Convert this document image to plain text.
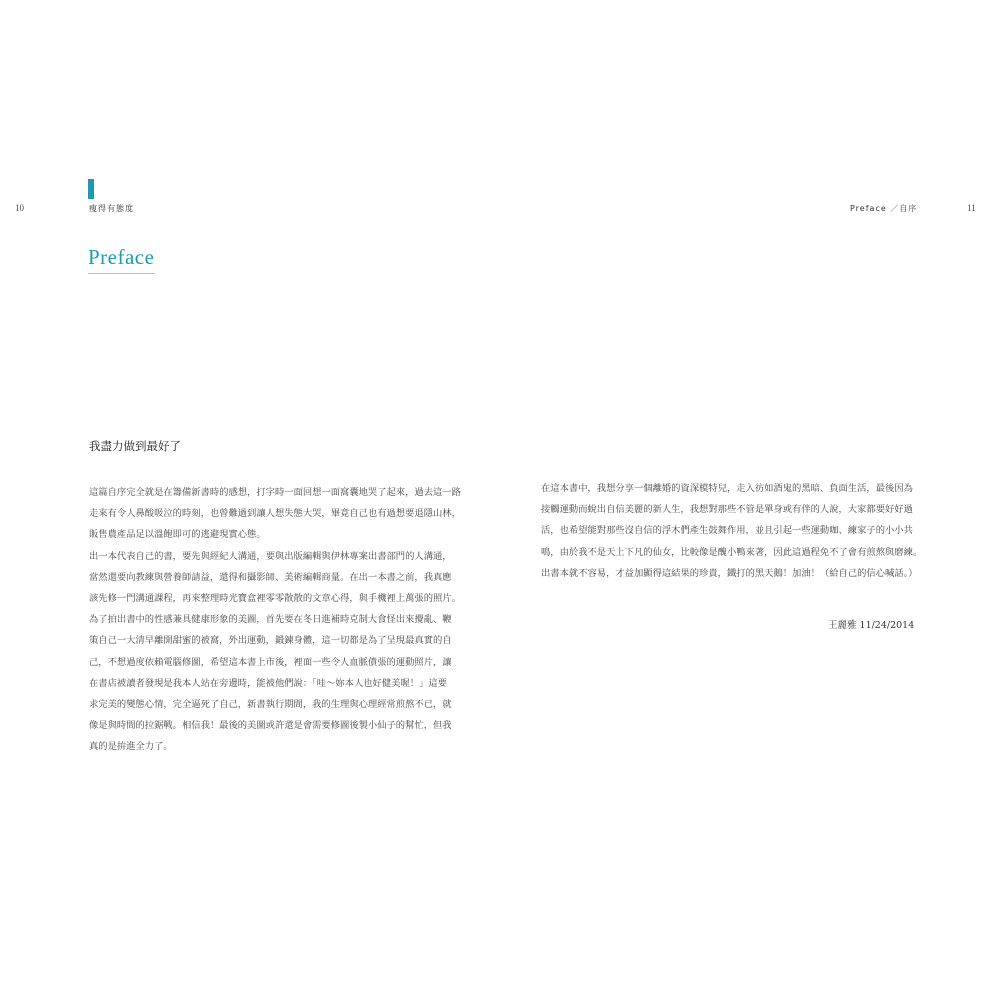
10	11
瘦得有態度	Preface ／自序
Preface
我盡力做到最好了
這篇自序完全就是在籌備新書時的感想，打字時一面回想一面窩囊地哭了起來，過去這一路
走來有令人鼻酸吸泣的時刻，也曾難過到讓人想失態大哭，畢竟自己也有過想要退隱山林，
販售農產品足以溫飽即可的逃避現實心態。
出一本代表自己的書，要先與經紀人溝通，要與出版編輯與伊林專案出書部門的人溝通，
當然還要向教練與營養師請益，還得和攝影師、美術編輯商量。在出一本書之前，我真應
該先修一門溝通課程，再來整理時光寶盒裡零零散散的文章心得，與手機裡上萬張的照片。
為了拍出書中的性感兼具健康形象的美圖，首先要在冬日進補時克制大食怪出來攪亂、鞭
策自己一大清早離開甜蜜的被窩，外出運動，鍛鍊身體，這一切都是為了呈現最真實的自
己，不想過度依賴電腦修圖，希望這本書上市後，裡面一些令人血脈僨張的運動照片，讓
在書店被讀者發現是我本人站在旁邊時，能被他們說：「哇～妳本人也好健美喔！」這要
求完美的變態心情，完全逼死了自己，新書執行期間，我的生理與心理經常煎熬不已，就
像是與時間的拉鋸戰。相信我！最後的美圖或許還是會需要修圖後製小仙子的幫忙，但我
真的是拚進全力了。
在這本書中，我想分享一個離婚的資深模特兒，走入彷如酒鬼的黑暗、負面生活，最後因為
接觸運動而蛻出自信美麗的新人生，我想對那些不管是單身或有伴的人說，大家都要好好過
活，也希望能對那些沒自信的浮木們產生鼓舞作用，並且引起一些運動咖、練家子的小小共
鳴，由於我不是天上下凡的仙女，比較像是醜小鴨來著，因此這過程免不了會有煎熬與磨練。
出書本就不容易，才益加顯得這結果的珍貴，鐵打的黑天鵝！加油！（給自己的信心喊話。）
王麗雅 11/24/2014
